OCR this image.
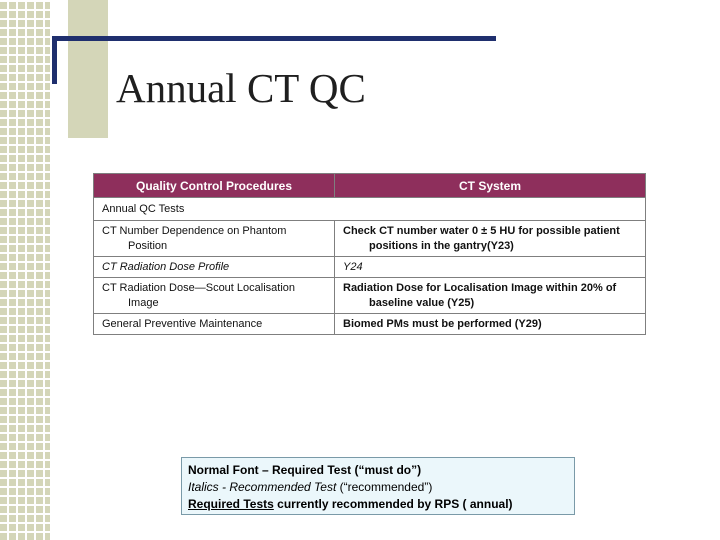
Annual CT QC
Quality Control Procedures	CT System
Annual QC Tests	

CT Number Dependence on Phantom Position	Check CT number water 0 ± 5 HU for possible patient positions in the gantry(Y23)

CT Radiation Dose Profile	Y24

CT Radiation Dose—Scout Localisation Image	Radiation Dose for Localisation Image within 20% of baseline value (Y25)

General Preventive Maintenance	Biomed PMs must be performed (Y29)
Normal Font – Required Test (“must do”)
Italics - Recommended Test (“recommended”)
Required Tests currently recommended by RPS ( annual)
